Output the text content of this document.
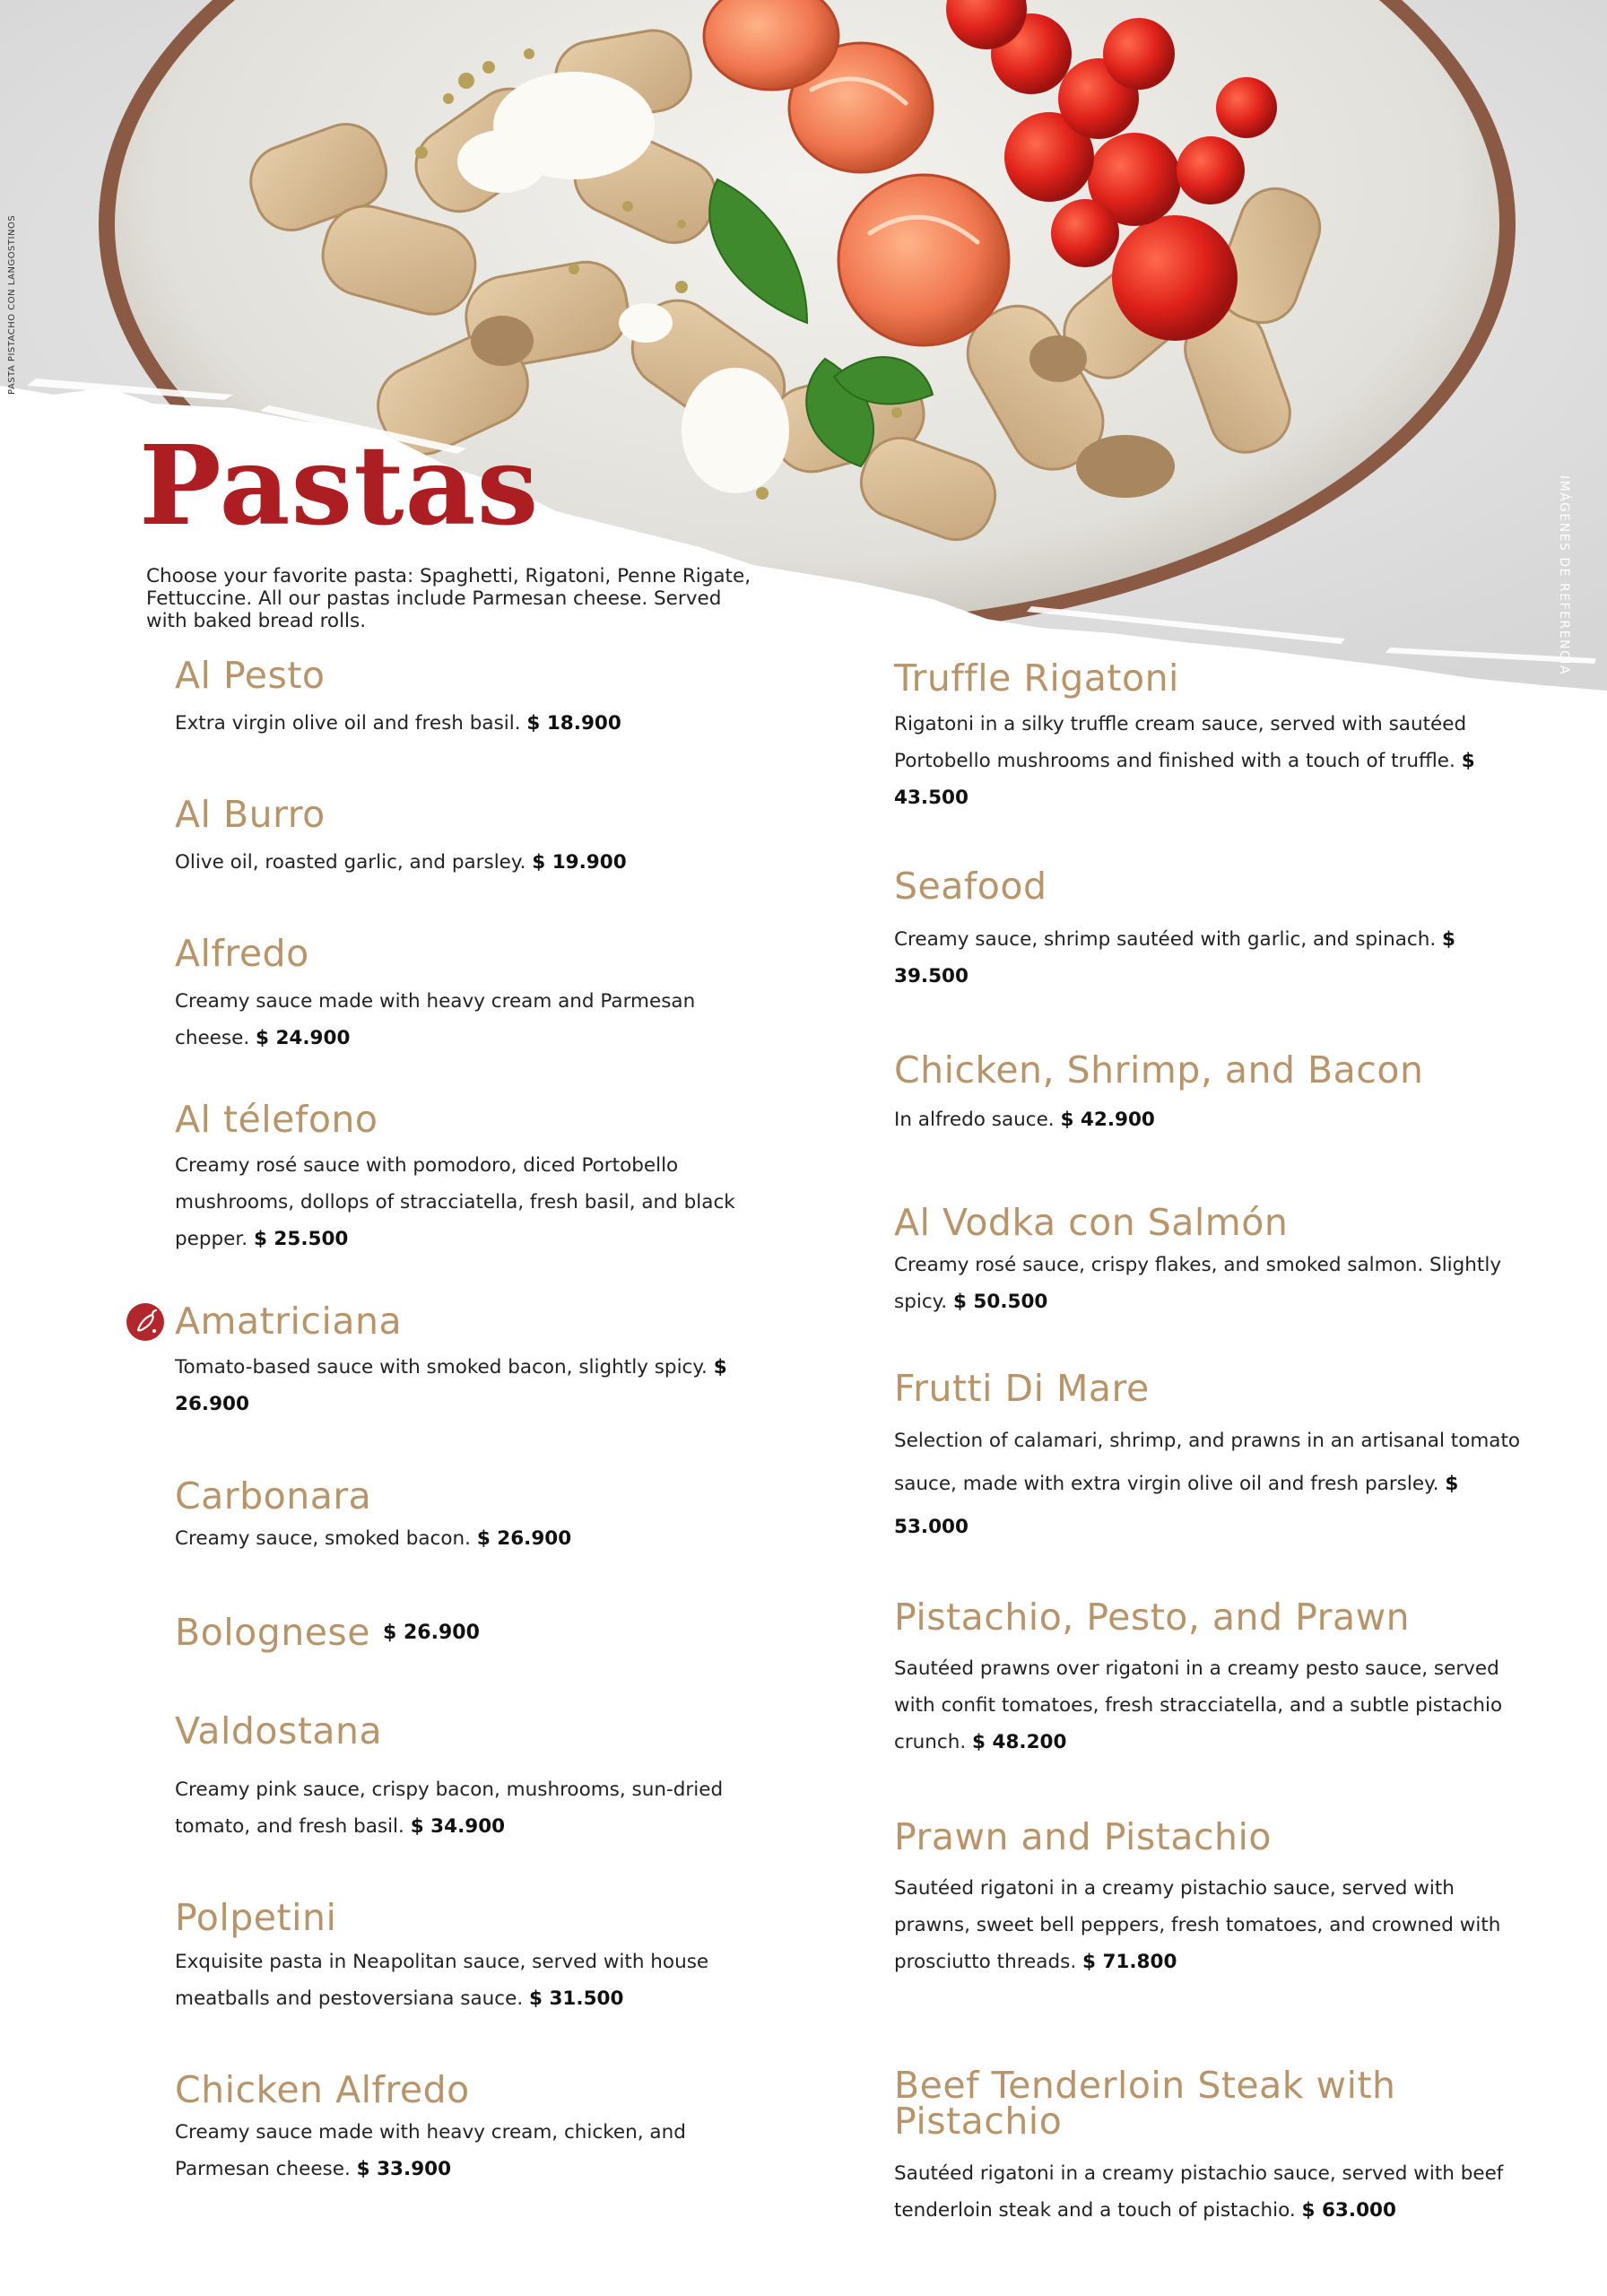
PASTA PISTACHO CON LANGOSTINOS
IMÁGENES DE REFERENCIA
Pastas

Choose your favorite pasta: Spaghetti, Rigatoni, Penne Rigate, Fettuccine. All our pastas include Parmesan cheese. Served with baked bread rolls.

Al Pesto

Extra virgin olive oil and fresh basil. $ 18.900

Al Burro

Olive oil, roasted garlic, and parsley. $ 19.900

Alfredo

Creamy sauce made with heavy cream and Parmesan cheese. $ 24.900

Al télefono

Creamy rosé sauce with pomodoro, diced Portobello mushrooms, dollops of stracciatella, fresh basil, and black pepper. $ 25.500

Amatriciana

Tomato-based sauce with smoked bacon, slightly spicy. $ 26.900

Carbonara

Creamy sauce, smoked bacon. $ 26.900

Bolognese $ 26.900
Valdostana

Creamy pink sauce, crispy bacon, mushrooms, sun-dried tomato, and fresh basil. $ 34.900

Polpetini

Exquisite pasta in Neapolitan sauce, served with house meatballs and pestoversiana sauce. $ 31.500

Chicken Alfredo

Creamy sauce made with heavy cream, chicken, and Parmesan cheese. $ 33.900

Truffle Rigatoni

Rigatoni in a silky truffle cream sauce, served with sautéed Portobello mushrooms and finished with a touch of truffle. $ 43.500

Seafood

Creamy sauce, shrimp sautéed with garlic, and spinach. $ 39.500

Chicken, Shrimp, and Bacon

In alfredo sauce. $ 42.900

Al Vodka con Salmón

Creamy rosé sauce, crispy flakes, and smoked salmon. Slightly spicy. $ 50.500

Frutti Di Mare

Selection of calamari, shrimp, and prawns in an artisanal tomato sauce, made with extra virgin olive oil and fresh parsley. $ 53.000

Pistachio, Pesto, and Prawn

Sautéed prawns over rigatoni in a creamy pesto sauce, served with confit tomatoes, fresh stracciatella, and a subtle pistachio crunch. $ 48.200

Prawn and Pistachio

Sautéed rigatoni in a creamy pistachio sauce, served with prawns, sweet bell peppers, fresh tomatoes, and crowned with prosciutto threads. $ 71.800

Beef Tenderloin Steak with Pistachio

Sautéed rigatoni in a creamy pistachio sauce, served with beef tenderloin steak and a touch of pistachio. $ 63.000
